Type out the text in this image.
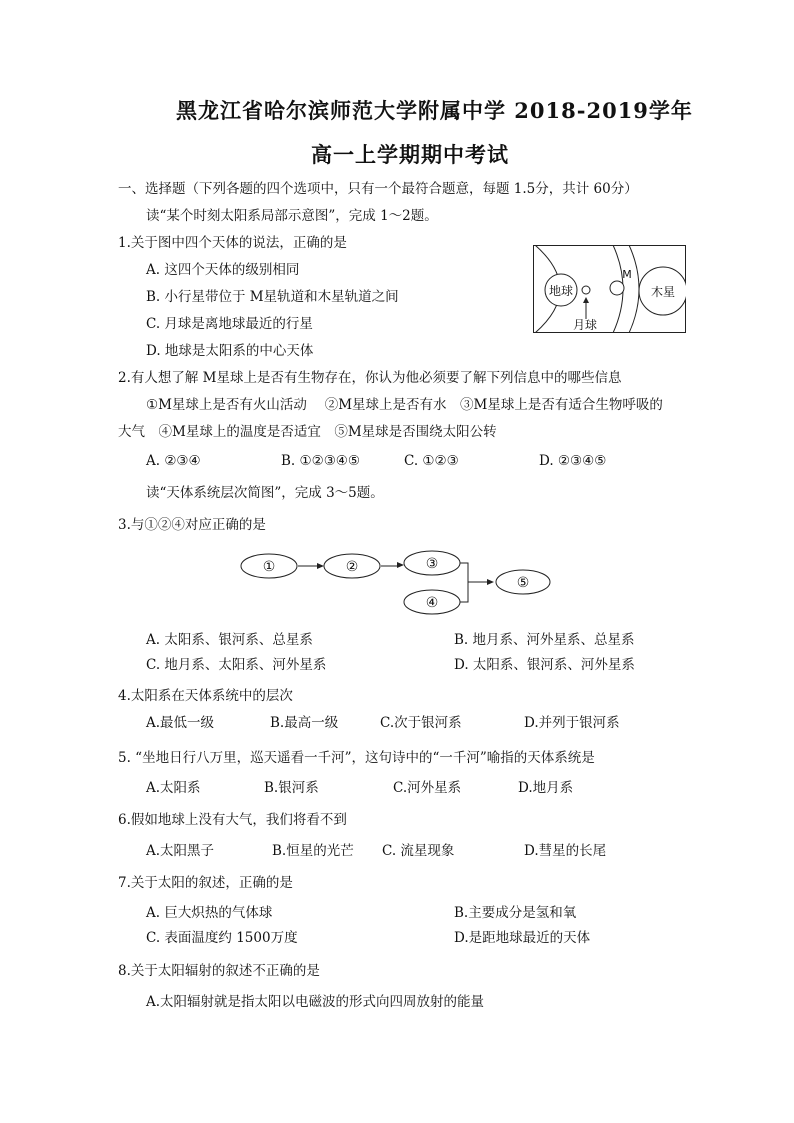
黑龙江省哈尔滨师范大学附属中学 2018-2019学年
高一上学期期中考试
一、选择题（下列各题的四个选项中，只有一个最符合题意，每题 1.5分，共计 60分）
读“某个时刻太阳系局部示意图”，完成 1～2题。
1.关于图中四个天体的说法，正确的是
A. 这四个天体的级别相同
B. 小行星带位于 M星轨道和木星轨道之间
C. 月球是离地球最近的行星
D. 地球是太阳系的中心天体
地球
月球
M
木星
2.有人想了解 M星球上是否有生物存在，你认为他必须要了解下列信息中的哪些信息
①M星球上是否有火山活动　 ②M星球上是否有水　③M星球上是否有适合生物呼吸的
大气　④M星球上的温度是否适宜　⑤M星球是否围绕太阳公转
A. ②③④	B. ①②③④⑤	C. ①②③	D. ②③④⑤
读“天体系统层次简图”，完成 3～5题。
3.与①②④对应正确的是
①	②	③
④
⑤
A. 太阳系、银河系、总星系	B. 地月系、河外星系、总星系
C. 地月系、太阳系、河外星系	D. 太阳系、银河系、河外星系
4.太阳系在天体系统中的层次
A.最低一级	B.最高一级	C.次于银河系	D.并列于银河系
5. “坐地日行八万里，巡天遥看一千河”，这句诗中的“一千河”喻指的天体系统是
A.太阳系	B.银河系	C.河外星系	D.地月系
6.假如地球上没有大气，我们将看不到
A.太阳黑子	B.恒星的光芒 C. 流星现象	D.彗星的长尾
7.关于太阳的叙述，正确的是
A. 巨大炽热的气体球	B.主要成分是氢和氧
C. 表面温度约 1500万度	D.是距地球最近的天体
8.关于太阳辐射的叙述不正确的是
A.太阳辐射就是指太阳以电磁波的形式向四周放射的能量
